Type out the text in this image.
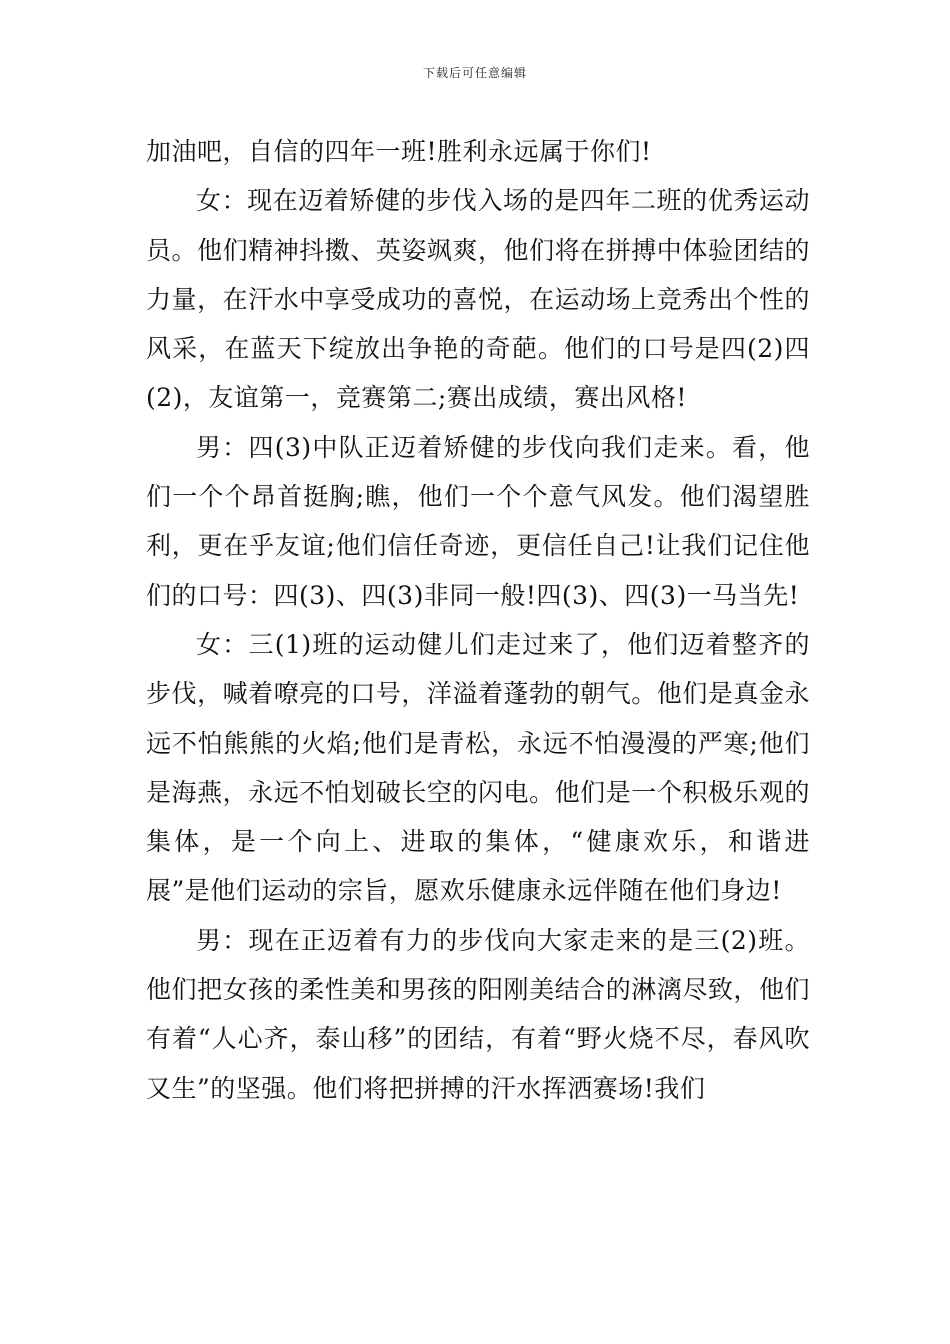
下载后可任意编辑

加油吧，自信的四年一班!胜利永远属于你们!

女：现在迈着矫健的步伐入场的是四年二班的优秀运动员。他们精神抖擞、英姿飒爽，他们将在拼搏中体验团结的力量，在汗水中享受成功的喜悦，在运动场上竞秀出个性的风采，在蓝天下绽放出争艳的奇葩。他们的口号是四(2)四(2)，友谊第一，竞赛第二;赛出成绩，赛出风格!

男：四(3)中队正迈着矫健的步伐向我们走来。看，他们一个个昂首挺胸;瞧，他们一个个意气风发。他们渴望胜利，更在乎友谊;他们信任奇迹，更信任自己!让我们记住他们的口号：四(3)、四(3)非同一般!四(3)、四(3)一马当先!

女：三(1)班的运动健儿们走过来了，他们迈着整齐的步伐，喊着嘹亮的口号，洋溢着蓬勃的朝气。他们是真金永远不怕熊熊的火焰;他们是青松，永远不怕漫漫的严寒;他们是海燕，永远不怕划破长空的闪电。他们是一个积极乐观的集体，是一个向上、进取的集体，“健康欢乐，和谐进展”是他们运动的宗旨，愿欢乐健康永远伴随在他们身边!

男：现在正迈着有力的步伐向大家走来的是三(2)班。他们把女孩的柔性美和男孩的阳刚美结合的淋漓尽致，他们有着“人心齐，泰山移”的团结，有着“野火烧不尽，春风吹又生”的坚强。他们将把拼搏的汗水挥洒赛场!我们
